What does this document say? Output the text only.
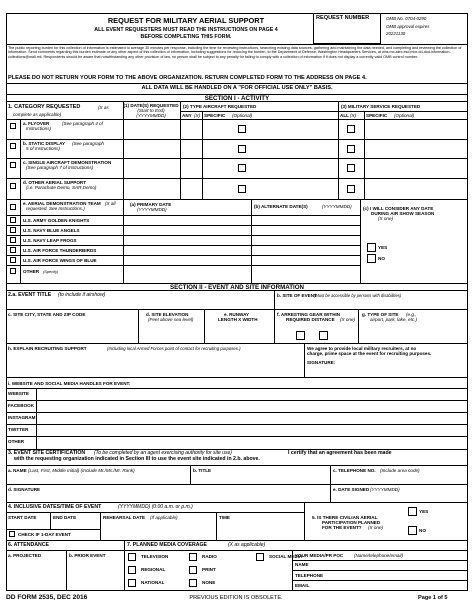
REQUEST FOR MILITARY AERIAL SUPPORT
ALL EVENT REQUESTERS MUST READ THE INSTRUCTIONS ON PAGE 4
BEFORE COMPLETING THIS FORM.
REQUEST NUMBER	OMB No. 0704-0290
OMB approval expires
20221130
The public reporting burden for this collection of information is estimated to average 30 minutes per response, including the time for reviewing instructions, searching existing data sources, gathering and maintaining the data needed, and completing and reviewing the collection of information. Send comments regarding this burden estimate or any other aspect of this collection of information, including suggestions for reducing the burden, to the Department of Defense, Washington Headquarters Services, at whs.mc-alex.esd.mbx.dd-dod-information-collections@mail.mil. Respondents should be aware that notwithstanding any other provision of law, no person shall be subject to any penalty for failing to comply with a collection of information if it does not display a currently valid OMB control number.
PLEASE DO NOT RETURN YOUR FORM TO THE ABOVE ORGANIZATION. RETURN COMPLETED FORM TO THE ADDRESS ON PAGE 4.
ALL DATA WILL BE HANDLED ON A "FOR OFFICIAL USE ONLY" BASIS.
SECTION I - ACTIVITY
1. CATEGORY REQUESTED	(X as
complete as applicable)
(1) DATE(S) REQUESTED
(Start to End)
(YYYYMMDD)
(2) TYPE AIRCRAFT REQUESTED
ANY (X) SPECIFIC (Optional)
(3) MILITARY SERVICE REQUESTED
ALL (X) SPECIFIC (Optional)
a. FLYOVER	(See paragraph 4 of
Instructions)
b. STATIC DISPLAY (See paragraph
5 of Instructions)
c. SINGLE AIRCRAFT DEMONSTRATION
(See paragraph 7 of Instructions)
d. OTHER AERIAL SUPPORT
(i.e. Parachute Demo, SAR Demo)
e. AERIAL DEMONSTRATION TEAM (X all
requested. See Instructions.)
(a) PRIMARY DATE
(YYYYMMDD)
(b) ALTERNATE DATE(S)	(YYYYMMDD) (c) I WILL CONSIDER ANY DATE
DURING AIR SHOW SEASON
(X one)
U.S. ARMY GOLDEN KNIGHTS
U.S. NAVY BLUE ANGELS
U.S. NAVY LEAP FROGS
U.S. AIR FORCE THUNDERBIRDS
U.S. AIR FORCE WINGS OF BLUE
OTHER (Specify)
YES
NO
SECTION II - EVENT AND SITE INFORMATION
2.a. EVENT TITLE (to include if airshow)	b. SITE OF EVENT
(Must be accessible by persons with disabilities)
c. SITE CITY, STATE AND ZIP CODE	d. SITE ELEVATION
(Feet above sea level)
e. RUNWAY
LENGTH X WIDTH
f. ARRESTING GEAR WITHIN
REQUIRED DISTANCE (X one)
g. TYPE OF SITE (e.g.,
airport, park, lake, etc.)
h. EXPLAIN RECRUITING SUPPORT	(Including local Armed Forces point of contact for recruiting purposes.)	We agree to provide local military recruiters, at no
charge, prime space at the event for recruiting purposes.
SIGNATURE:
i. WEBSITE AND SOCIAL MEDIA HANDLES FOR EVENT:
WEBSITE
FACEBOOK
INSTAGRAM
TWITTER
OTHER
3. EVENT SITE CERTIFICATION (To be completed by an agent exercising authority for site use)	I certify that an agreement has been made
with the requesting organization indicated in Section III to use the event site indicated in 2.b. above.
a. NAME (Last, First, Middle Initial) (Include Mr./Ms./Mr. Rank)	b. TITLE	c. TELEPHONE NO. (Include area code)
d. SIGNATURE	e. DATE SIGNED (YYYYMMDD)
4. INCLUSIVE DATES/TIME OF EVENT	(YYYYMMDD) (0:00 a.m. or p.m.)
START DATE	END DATE	REHEARSAL DATE (If applicable)	TIME	5. IS THERE CIVILIAN AERIAL
PARTICIPATION PLANNED
FOR THE EVENT? (X one)
YES
NO
CHECK IF 1-DAY EVENT
6. ATTENDANCE	7. PLANNED MEDIA COVERAGE	(X as applicable)
a. PROJECTED	b. PRIOR EVENT	TELEVISION	RADIO	SOCIAL MEDIA
REGIONAL	PRINT
NATIONAL	NONE
YOUR MEDIA/PR POC (Name/telephone/email)
NAME
TELEPHONE
EMAIL
DD FORM 2535, DEC 2016	PREVIOUS EDITION IS OBSOLETE.	Page 1 of 5
